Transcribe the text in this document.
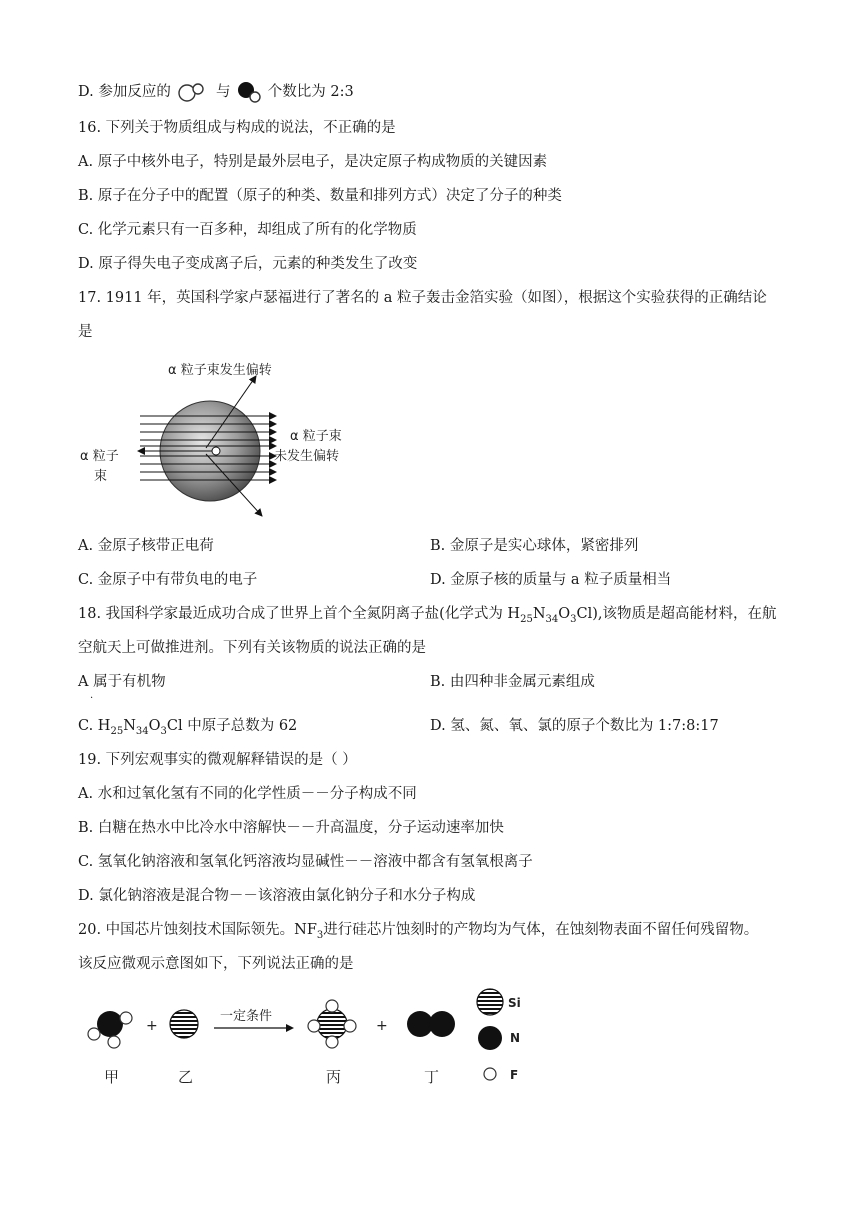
D. 参加反应的	与	个数比为 2:3
16. 下列关于物质组成与构成的说法，不正确的是
A. 原子中核外电子，特别是最外层电子，是决定原子构成物质的关键因素
B. 原子在分子中的配置（原子的种类、数量和排列方式）决定了分子的种类
C. 化学元素只有一百多种，却组成了所有的化学物质
D. 原子得失电子变成离子后，元素的种类发生了改变
17. 1911 年，英国科学家卢瑟福进行了著名的 a 粒子轰击金箔实验（如图），根据这个实验获得的正确结论
是
α 粒子束发生偏转
α 粒子束
未发生偏转
α 粒子
束
A. 金原子核带正电荷	B. 金原子是实心球体，紧密排列
C. 金原子中有带负电的电子	D. 金原子核的质量与 a 粒子质量相当
18. 我国科学家最近成功合成了世界上首个全氮阴离子盐(化学式为 $H_{25}N_{34}O_3Cl$),该物质是超高能材料，在航
空航天上可做推进剂。下列有关该物质的说法正确的是
A 属于有机物
.
B. 由四种非金属元素组成
C. $H_{25}N_{34}O_3Cl$ 中原子总数为 62	D. 氢、氮、氧、氯的原子个数比为 1:7:8:17
19. 下列宏观事实的微观解释错误的是（ ）
A. 水和过氧化氢有不同的化学性质－－分子构成不同
B. 白糖在热水中比冷水中溶解快－－升高温度，分子运动速率加快
C. 氢氧化钠溶液和氢氧化钙溶液均显碱性－－溶液中都含有氢氧根离子
D. 氯化钠溶液是混合物－－该溶液由氯化钠分子和水分子构成
20. 中国芯片蚀刻技术国际领先。$NF_3$进行硅芯片蚀刻时的产物均为气体，在蚀刻物表面不留任何残留物。
该反应微观示意图如下，下列说法正确的是
+
一定条件
+
Si
N
F
甲	乙	丙	丁
